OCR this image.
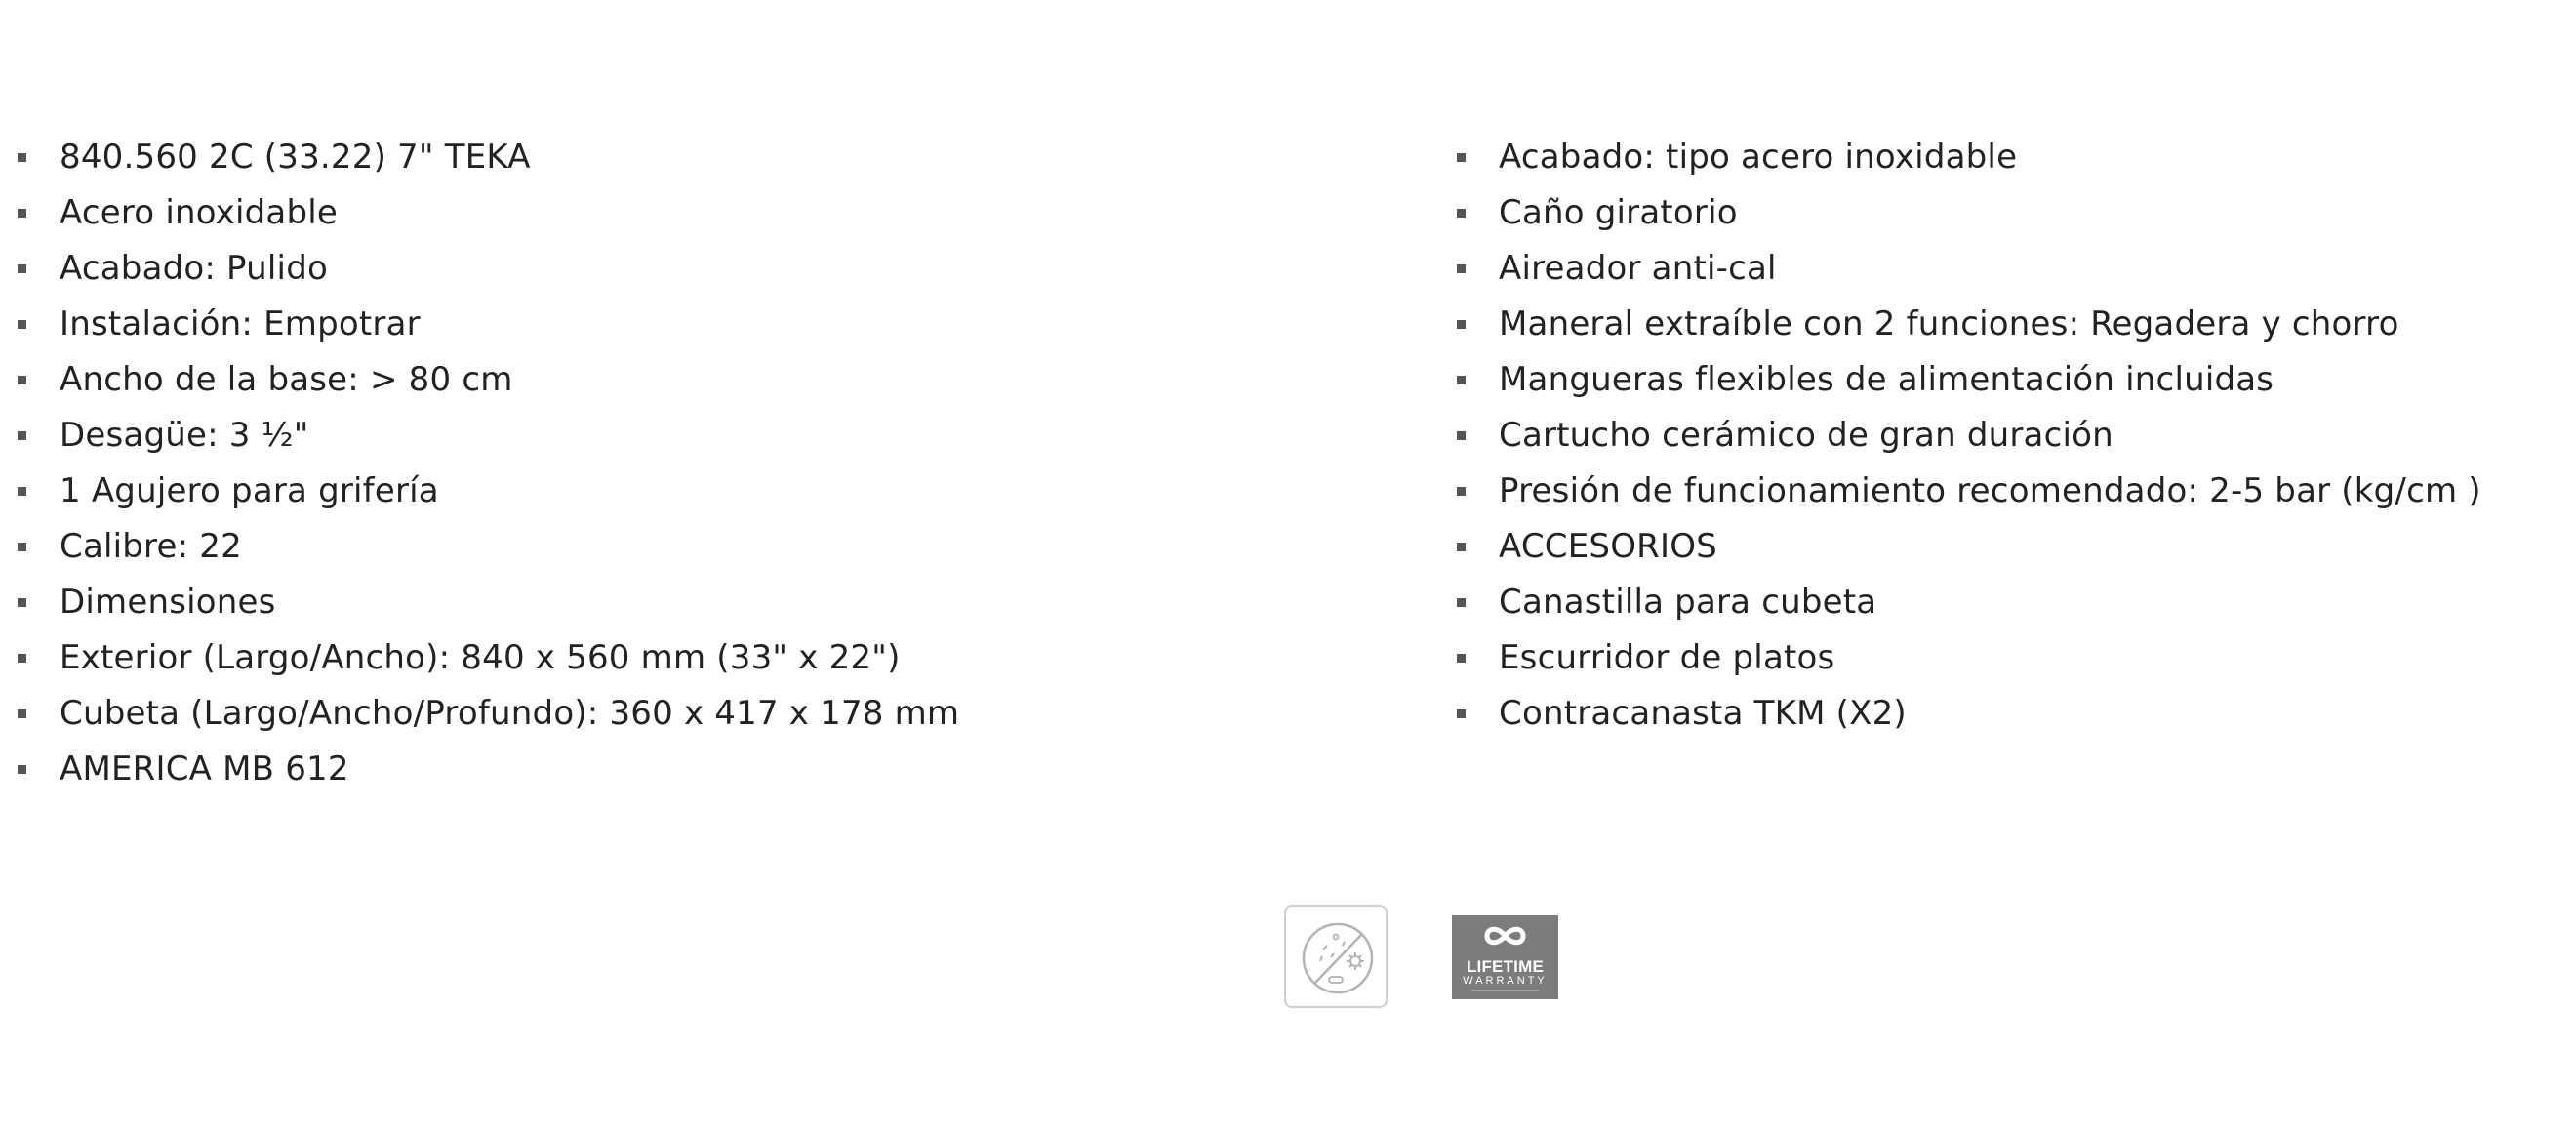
840.560 2C (33.22) 7" TEKA
Acero inoxidable
Acabado: Pulido
Instalación: Empotrar
Ancho de la base: > 80 cm
Desagüe: 3 ½"
1 Agujero para grifería
Calibre: 22
Dimensiones
Exterior (Largo/Ancho): 840 x 560 mm (33" x 22")
Cubeta (Largo/Ancho/Profundo): 360 x 417 x 178 mm
AMERICA MB 612
Acabado: tipo acero inoxidable
Caño giratorio
Aireador anti-cal
Maneral extraíble con 2 funciones: Regadera y chorro
Mangueras flexibles de alimentación incluidas
Cartucho cerámico de gran duración
Presión de funcionamiento recomendado: 2-5 bar (kg/cm )
ACCESORIOS
Canastilla para cubeta
Escurridor de platos
Contracanasta TKM (X2)
LIFETIME
WARRANTY
